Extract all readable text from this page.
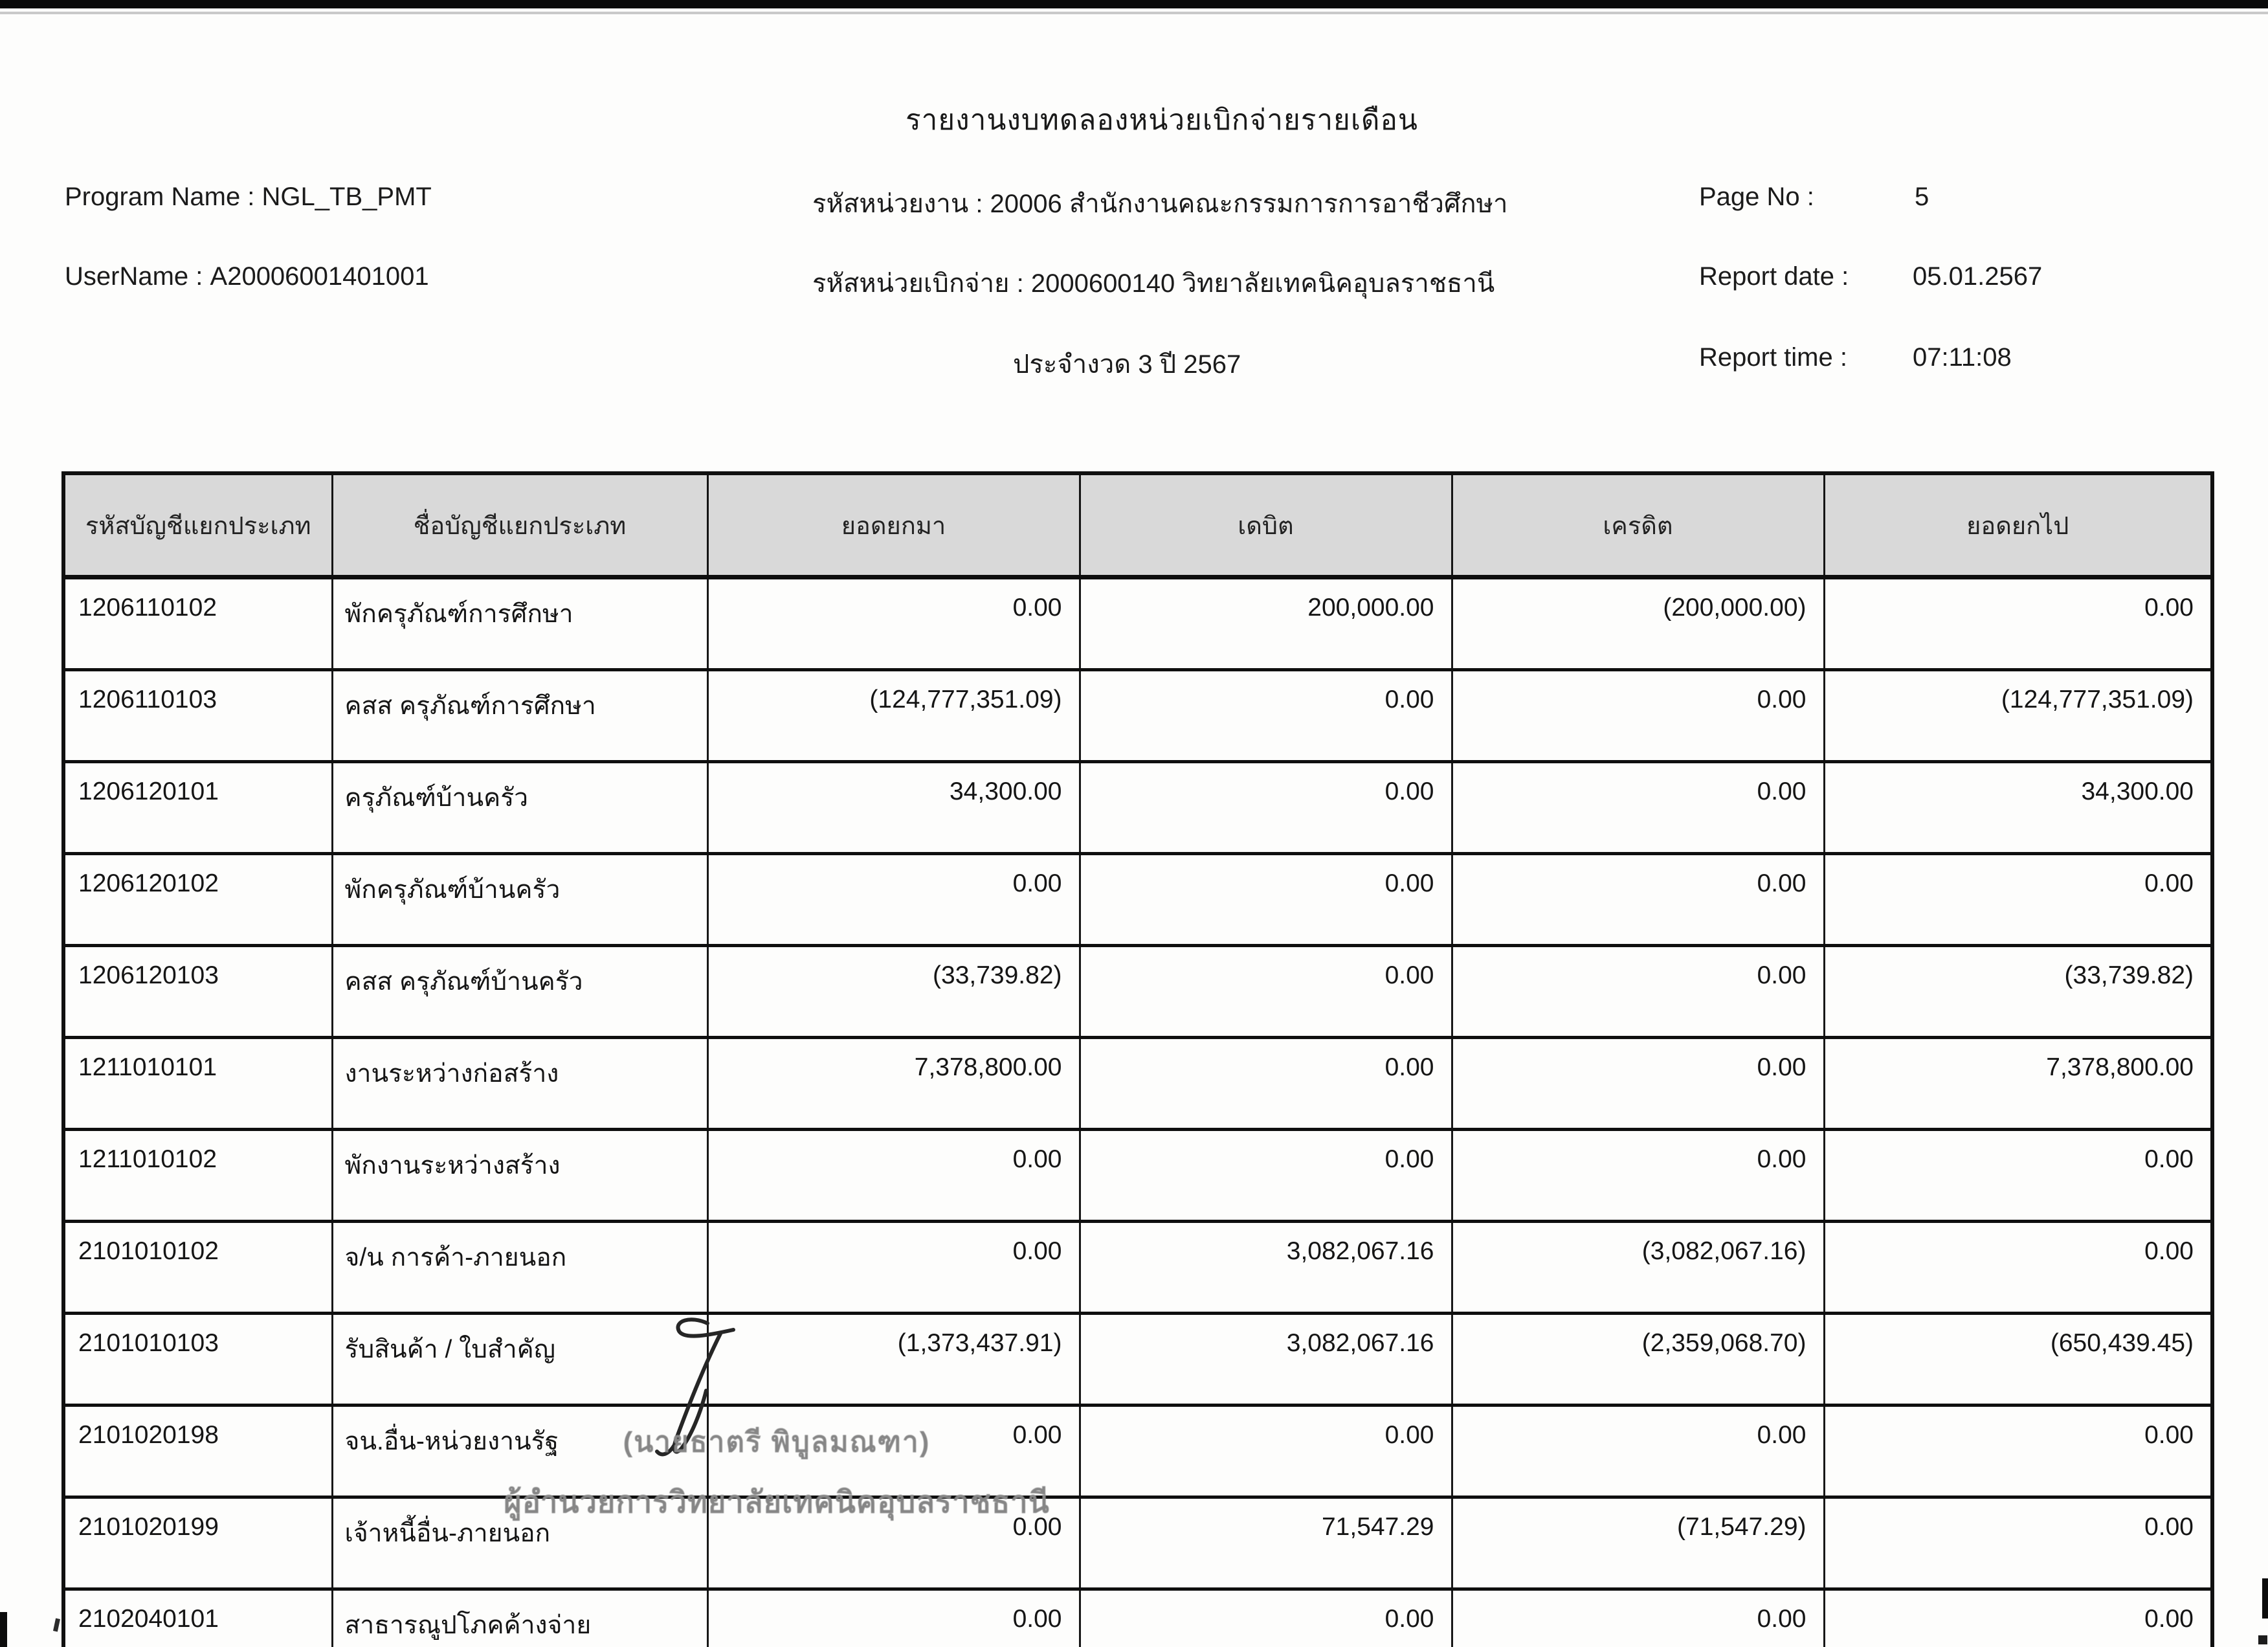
รายงานงบทดลองหน่วยเบิกจ่ายรายเดือน
Program Name : NGL_TB_PMT
UserName : A20006001401001
รหัสหน่วยงาน : 20006 สำนักงานคณะกรรมการการอาชีวศึกษา
รหัสหน่วยเบิกจ่าย : 2000600140 วิทยาลัยเทคนิคอุบลราชธานี
ประจำงวด 3 ปี 2567
Page No :	5
Report date : 05.01.2567
Report time :	07:11:08
รหัสบัญชีแยกประเภท	ชื่อบัญชีแยกประเภท	ยอดยกมา	เดบิต	เครดิต	ยอดยกไป
1206110102	พักครุภัณฑ์การศึกษา	0.00	200,000.00	(200,000.00)	0.00
1206110103	คสส ครุภัณฑ์การศึกษา	(124,777,351.09)	0.00	0.00	(124,777,351.09)
1206120101	ครุภัณฑ์บ้านครัว	34,300.00	0.00	0.00	34,300.00
1206120102	พักครุภัณฑ์บ้านครัว	0.00	0.00	0.00	0.00
1206120103	คสส ครุภัณฑ์บ้านครัว	(33,739.82)	0.00	0.00	(33,739.82)
1211010101	งานระหว่างก่อสร้าง	7,378,800.00	0.00	0.00	7,378,800.00
1211010102	พักงานระหว่างสร้าง	0.00	0.00	0.00	0.00
2101010102	จ/น การค้า-ภายนอก	0.00	3,082,067.16	(3,082,067.16)	0.00
2101010103	รับสินค้า / ใบสำคัญ	(1,373,437.91)	3,082,067.16	(2,359,068.70)	(650,439.45)
2101020198	จน.อื่น-หน่วยงานรัฐ	0.00	0.00	0.00	0.00
2101020199	เจ้าหนี้อื่น-ภายนอก	0.00	71,547.29	(71,547.29)	0.00
2102040101	สาธารณูปโภคค้างจ่าย	0.00	0.00	0.00	0.00
(นายธาตรี พิบูลมณฑา)
ผู้อำนวยการวิทยาลัยเทคนิคอุบลราชธานี
